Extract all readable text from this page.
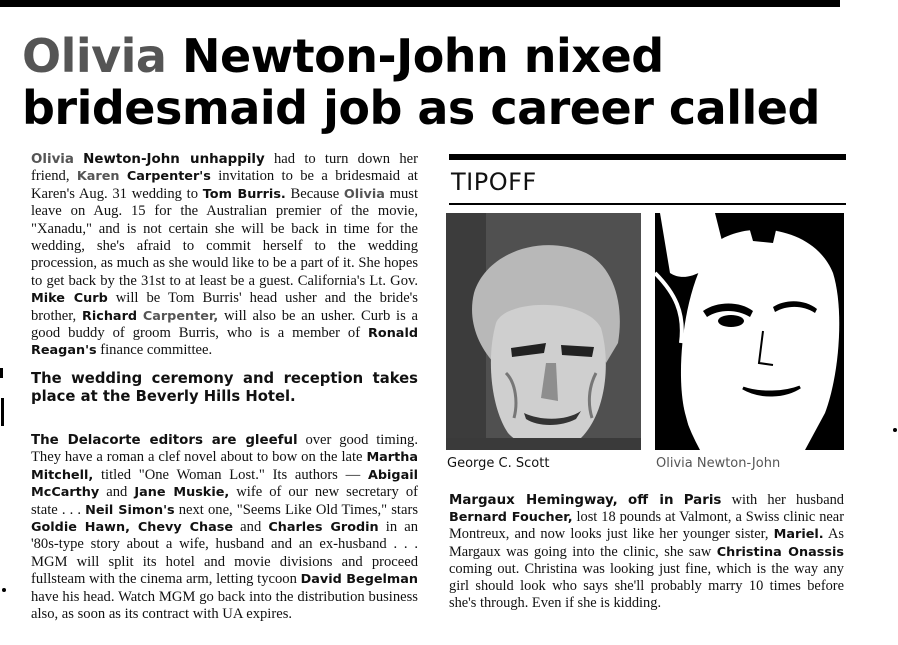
Olivia Newton-John nixed bridesmaid job as career called

Olivia Newton-John unhappily had to turn down her friend, Karen Carpenter's invitation to be a bridesmaid at Karen's Aug. 31 wedding to Tom Burris. Because Olivia must leave on Aug. 15 for the Australian premier of the movie, "Xanadu," and is not certain she will be back in time for the wedding, she's afraid to commit herself to the wedding procession, as much as she would like to be a part of it. She hopes to get back by the 31st to at least be a guest. California's Lt. Gov. Mike Curb will be Tom Burris' head usher and the bride's brother, Richard Carpenter, will also be an usher. Curb is a good buddy of groom Burris, who is a member of Ronald Reagan's finance committee.

The wedding ceremony and reception takes place at the Beverly Hills Hotel.

The Delacorte editors are gleeful over good timing. They have a roman a clef novel about to bow on the late Martha Mitchell, titled "One Woman Lost." Its authors — Abigail McCarthy and Jane Muskie, wife of our new secretary of state . . . Neil Simon's next one, "Seems Like Old Times," stars Goldie Hawn, Chevy Chase and Charles Grodin in an '80s-type story about a wife, husband and an ex-husband . . . MGM will split its hotel and movie divisions and proceed fullsteam with the cinema arm, letting tycoon David Begelman have his head. Watch MGM go back into the distribution business also, as soon as its contract with UA expires.

TIPOFF

George C. Scott	Olivia Newton-John

Margaux Hemingway, off in Paris with her husband Bernard Foucher, lost 18 pounds at Valmont, a Swiss clinic near Montreux, and now looks just like her younger sister, Mariel. As Margaux was going into the clinic, she saw Christina Onassis coming out. Christina was looking just fine, which is the way any girl should look who says she'll probably marry 10 times before she's through. Even if she is kidding.
